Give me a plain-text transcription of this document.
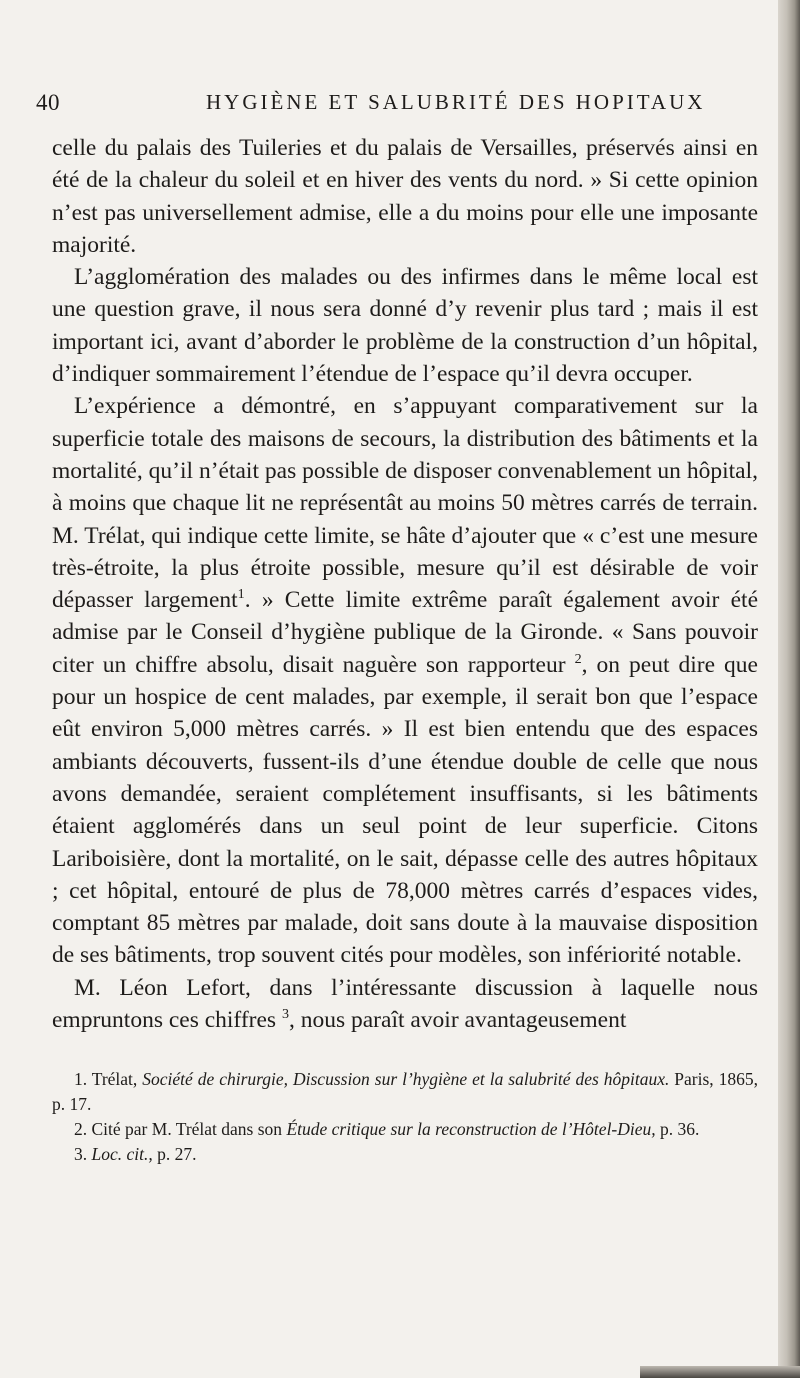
40	HYGIÈNE ET SALUBRITÉ DES HOPITAUX

celle du palais des Tuileries et du palais de Versailles, préservés ainsi en été de la chaleur du soleil et en hiver des vents du nord. » Si cette opinion n’est pas universellement admise, elle a du moins pour elle une imposante majorité.

L’agglomération des malades ou des infirmes dans le même local est une question grave, il nous sera donné d’y revenir plus tard ; mais il est important ici, avant d’aborder le problème de la construction d’un hôpital, d’indiquer sommairement l’étendue de l’espace qu’il devra occuper.

L’expérience a démontré, en s’appuyant comparativement sur la superficie totale des maisons de secours, la distribution des bâtiments et la mortalité, qu’il n’était pas possible de disposer convenablement un hôpital, à moins que chaque lit ne représentât au moins 50 mètres carrés de terrain. M. Trélat, qui indique cette limite, se hâte d’ajouter que « c’est une mesure très-étroite, la plus étroite possible, mesure qu’il est désirable de voir dépasser largement$^1$. » Cette limite extrême paraît également avoir été admise par le Conseil d’hygiène publique de la Gironde. « Sans pouvoir citer un chiffre absolu, disait naguère son rapporteur $^2$, on peut dire que pour un hospice de cent malades, par exemple, il serait bon que l’espace eût environ 5,000 mètres carrés. » Il est bien entendu que des espaces ambiants découverts, fussent-ils d’une étendue double de celle que nous avons demandée, seraient complétement insuffisants, si les bâtiments étaient agglomérés dans un seul point de leur superficie. Citons Lariboisière, dont la mortalité, on le sait, dépasse celle des autres hôpitaux ; cet hôpital, entouré de plus de 78,000 mètres carrés d’espaces vides, comptant 85 mètres par malade, doit sans doute à la mauvaise disposition de ses bâtiments, trop souvent cités pour modèles, son infériorité notable.

M. Léon Lefort, dans l’intéressante discussion à laquelle nous empruntons ces chiffres $^3$, nous paraît avoir avantageusement

1. Trélat, Société de chirurgie, Discussion sur l’hygiène et la salubrité des hôpitaux. Paris, 1865, p. 17.

2. Cité par M. Trélat dans son Étude critique sur la reconstruction de l’Hôtel-Dieu, p. 36.

3. Loc. cit., p. 27.
